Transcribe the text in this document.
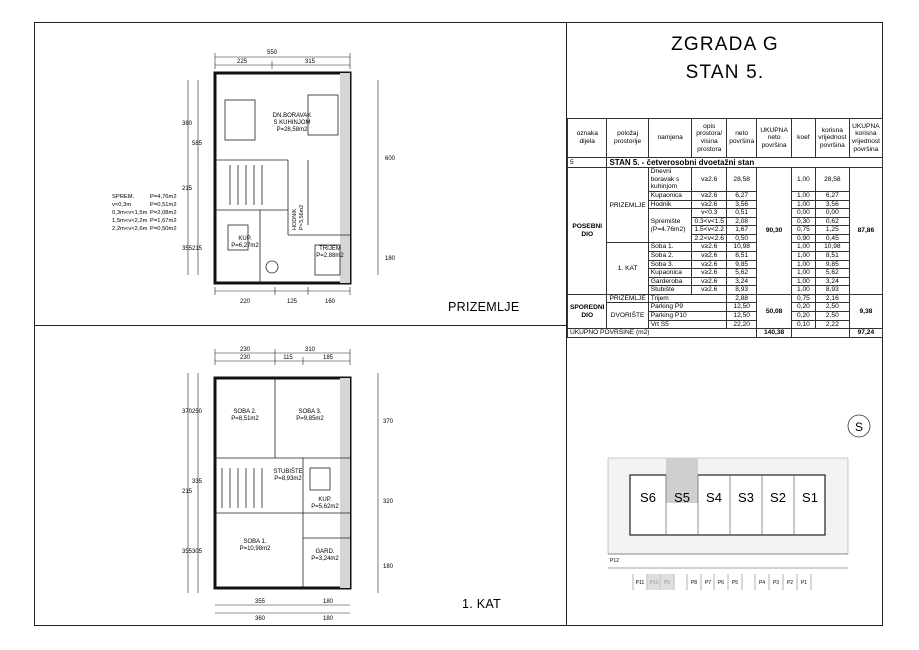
550
225	315
220	125	160
600
180
380
585
215
355 215
DN.BORAVAK
S KUHINJOM
P=28,58m2
KUP.
P=6,27m2
HODNIK P=3,56m2
TRIJEM
P=2,88m2
SPREM.	P=4,76m2
v<0,3m	P=0,51m2
0,3m<v<1,5m P=2,08m2
1,5m<v<2,2m P=1,67m2
2,2m<v<2,6m P=0,50m2
PRIZEMLJE
230	310
230	115	185
355	180
360	180
SOBA 2.
P=8,51m2
SOBA 3.
P=9,85m2
STUBIŠTE
P=8,93m2
KUP.
P=5,62m2
SOBA 1.
P=10,98m2	GARD.
P=3,24m2
370 250
335
215
355 305
370
320
180
1. KAT
ZGRADA G
STAN 5.
oznaka dijela	položaj prostorije	namjena	opis prostora/ visina prostora	neto površina	UKUPNA neto površina	koef	korisna vrijednost površina	UKUPNA korisna vrijednost površina
5	STAN 5. - četverosobni dvoetažni stan							
POSEBNI DIO	PRIZEMLJE	Dnevni boravak s kuhinjom	v≥2.6	28,58	90,30	1,00	28,58	87,86
		Kupaonica	v≥2.6	6,27		1,00	6,27	
		Hodnik	v≥2.6	3,56		1,00	3,56	
		Spremište (P=4.76m2)	v<0.3	0,51		0,00	0,00	
			0.3<v<1.5	2,08		0,30	0,62	
			1.5<v<2.2	1,67		0,75	1,25	
			2.2<v<2.6	0,50		0,90	0,45	
	1. KAT	Soba 1.	v≥2.6	10,98		1,00	10,98	
		Soba 2.	v≥2.6	8,51		1,00	8,51	
		Soba 3.	v≥2.6	9,85		1,00	9,85	
		Kupaonica	v≥2.6	5,62		1,00	5,62	
		Garderoba	v≥2.6	3,24		1,00	3,24	
		Stubište	v≥2.6	8,93		1,00	8,93	
SPOREDNI DIO	PRIZEMLJE	Trijem		2,88	50,08	0,75	2,16	9,38
	DVORIŠTE	Parking P9		12,50		0,20	2,50	
		Parking P10		12,50		0,20	2,50	
		Vrt S5		22,20		0,10	2,22	
UKUPNO POVRŠINE (m2)					140,38			97,24
S
S6 S5 S4 S3 S2 S1
P12
P11	P8 P7 P6 P5	P4 P3 P2 P1
